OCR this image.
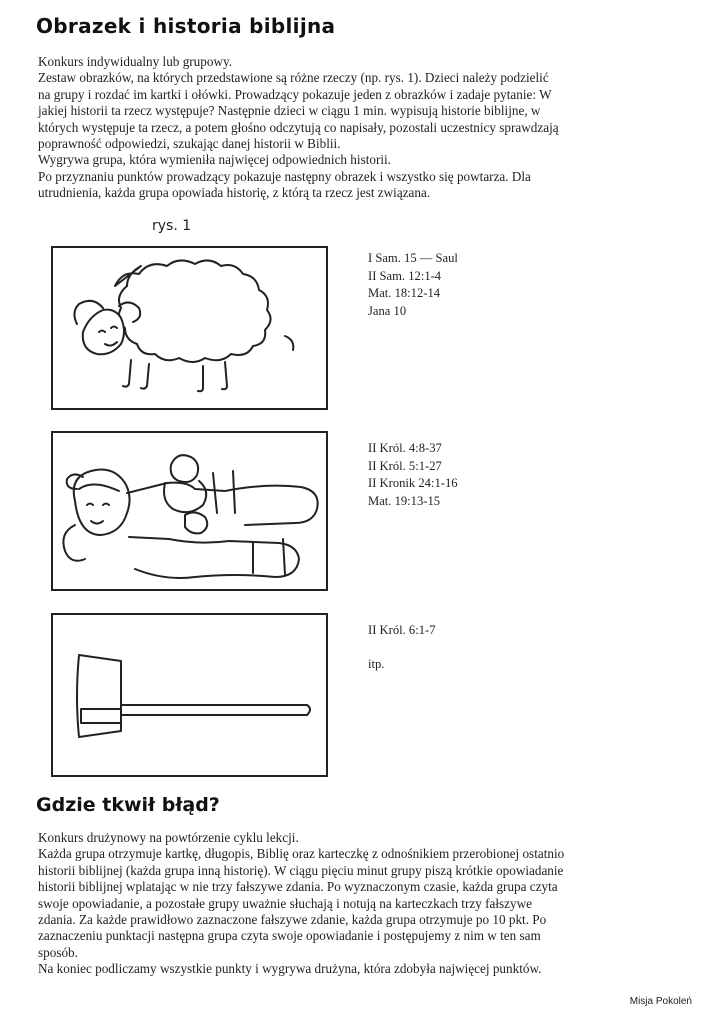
Obrazek i historia biblijna
Konkurs indywidualny lub grupowy.
Zestaw obrazków, na których przedstawione są różne rzeczy (np. rys. 1). Dzieci należy podzielić
na grupy i rozdać im kartki i ołówki. Prowadzący pokazuje jeden z obrazków i zadaje pytanie: W
jakiej historii ta rzecz występuje? Następnie dzieci w ciągu 1 min. wypisują historie biblijne, w
których występuje ta rzecz, a potem głośno odczytują co napisały, pozostali uczestnicy sprawdzają
poprawność odpowiedzi, szukając danej historii w Biblii.
Wygrywa grupa, która wymieniła najwięcej odpowiednich historii.
Po przyznaniu punktów prowadzący pokazuje następny obrazek i wszystko się powtarza. Dla
utrudnienia, każda grupa opowiada historię, z którą ta rzecz jest związana.
rys. 1
I Sam. 15 — Saul
II Sam. 12:1-4
Mat. 18:12-14
Jana 10
II Król. 4:8-37
II Król. 5:1-27
II Kronik 24:1-16
Mat. 19:13-15
II Król. 6:1-7
itp.
Gdzie tkwił błąd?
Konkurs drużynowy na powtórzenie cyklu lekcji.
Każda grupa otrzymuje kartkę, długopis, Biblię oraz karteczkę z odnośnikiem przerobionej ostatnio
historii biblijnej (każda grupa inną historię). W ciągu pięciu minut grupy piszą krótkie opowiadanie
historii biblijnej wplatając w nie trzy fałszywe zdania. Po wyznaczonym czasie, każda grupa czyta
swoje opowiadanie, a pozostałe grupy uważnie słuchają i notują na karteczkach trzy fałszywe
zdania. Za każde prawidłowo zaznaczone fałszywe zdanie, każda grupa otrzymuje po 10 pkt. Po
zaznaczeniu punktacji następna grupa czyta swoje opowiadanie i postępujemy z nim w ten sam
sposób.
Na koniec podliczamy wszystkie punkty i wygrywa drużyna, która zdobyła najwięcej punktów.
Misja Pokoleń
